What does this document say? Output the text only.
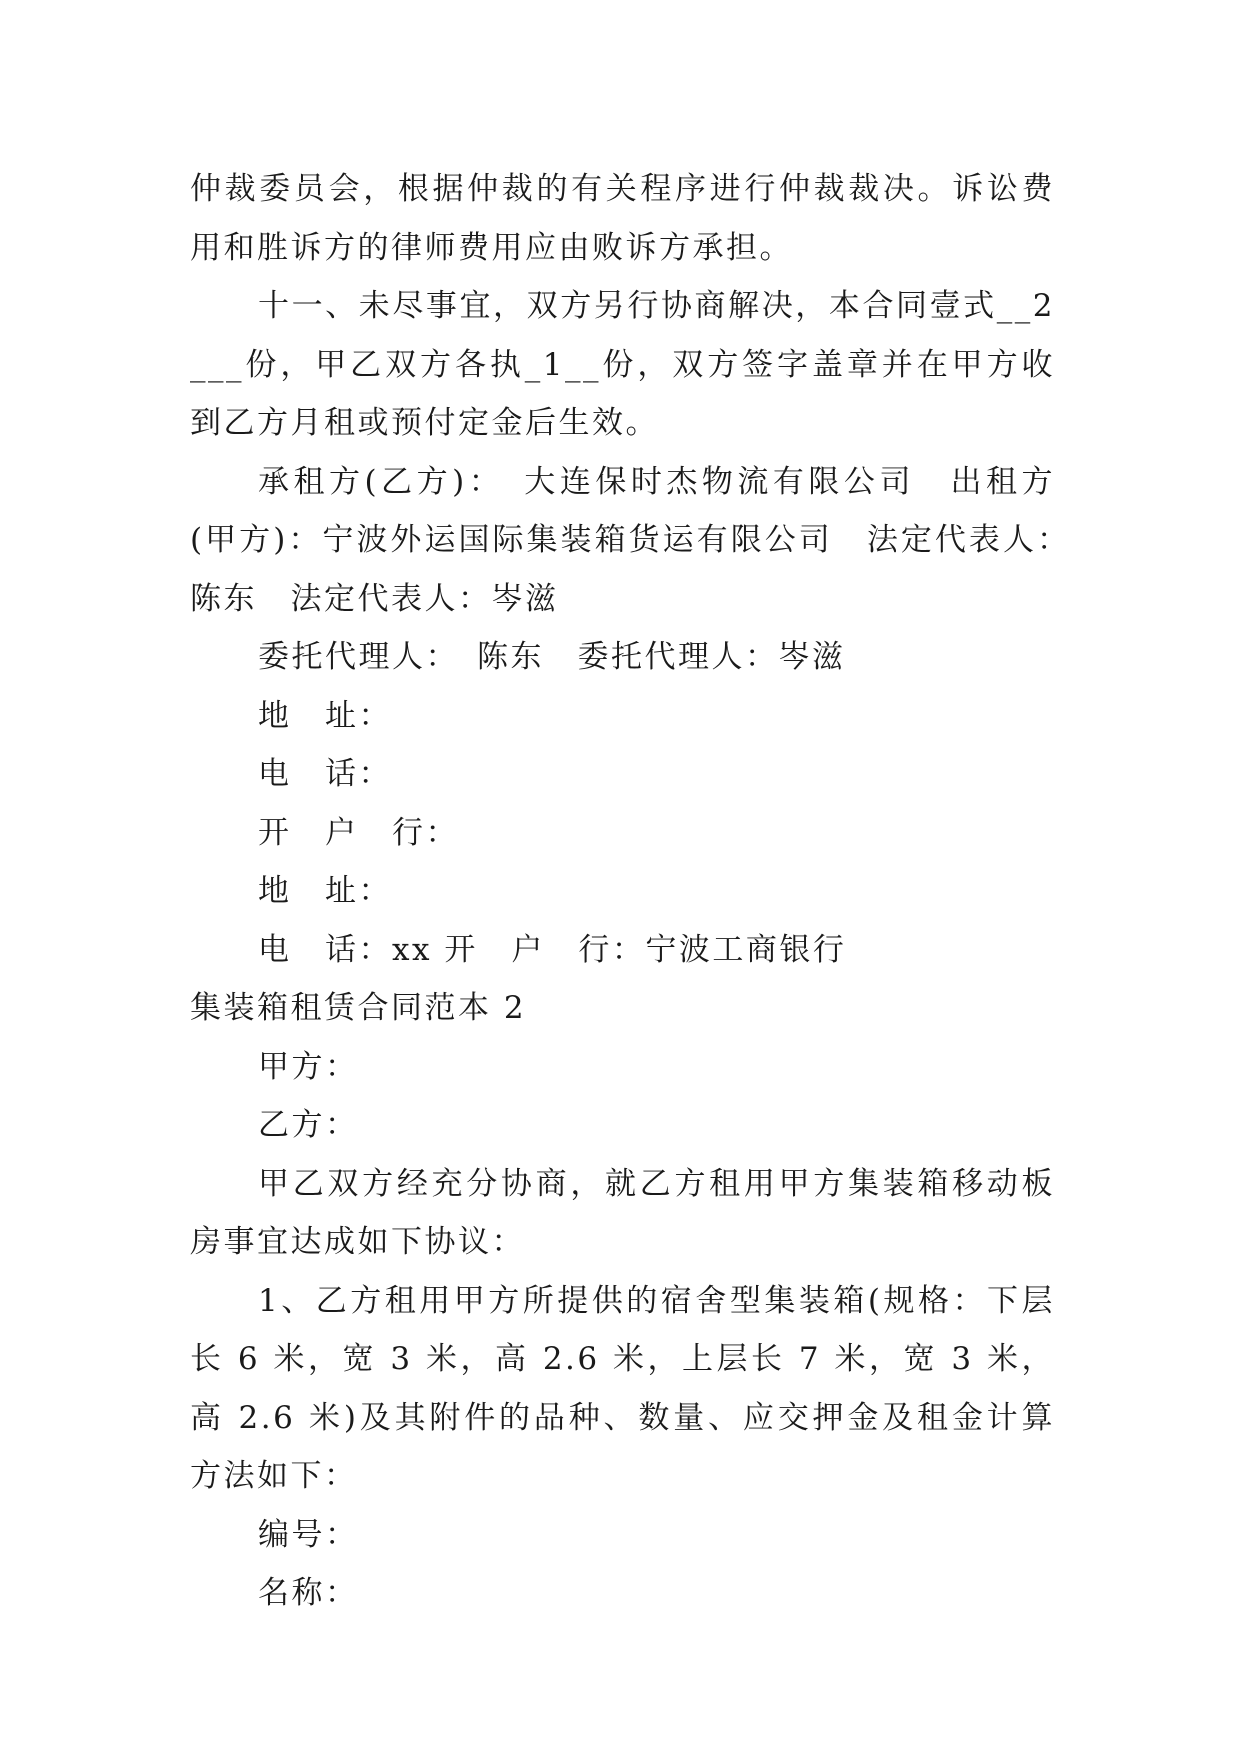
仲裁委员会，根据仲裁的有关程序进行仲裁裁决。诉讼费用和胜诉方的律师费用应由败诉方承担。

十一、未尽事宜，双方另行协商解决，本合同壹式__2___份，甲乙双方各执_1__份，双方签字盖章并在甲方收到乙方月租或预付定金后生效。

承租方(乙方)：　大连保时杰物流有限公司　出租方(甲方)：宁波外运国际集装箱货运有限公司　法定代表人：　陈东　法定代表人：岑滋

委托代理人：　陈东　委托代理人：岑滋

地　址：

电　话：

开　户　行：

地　址：

电　话：xx 开　户　行：宁波工商银行

集装箱租赁合同范本 2

甲方：

乙方：

甲乙双方经充分协商，就乙方租用甲方集装箱移动板房事宜达成如下协议：

1、乙方租用甲方所提供的宿舍型集装箱(规格：下层长 6 米，宽 3 米，高 2.6 米，上层长 7 米，宽 3 米，高 2.6 米)及其附件的品种、数量、应交押金及租金计算方法如下：

编号：

名称：
